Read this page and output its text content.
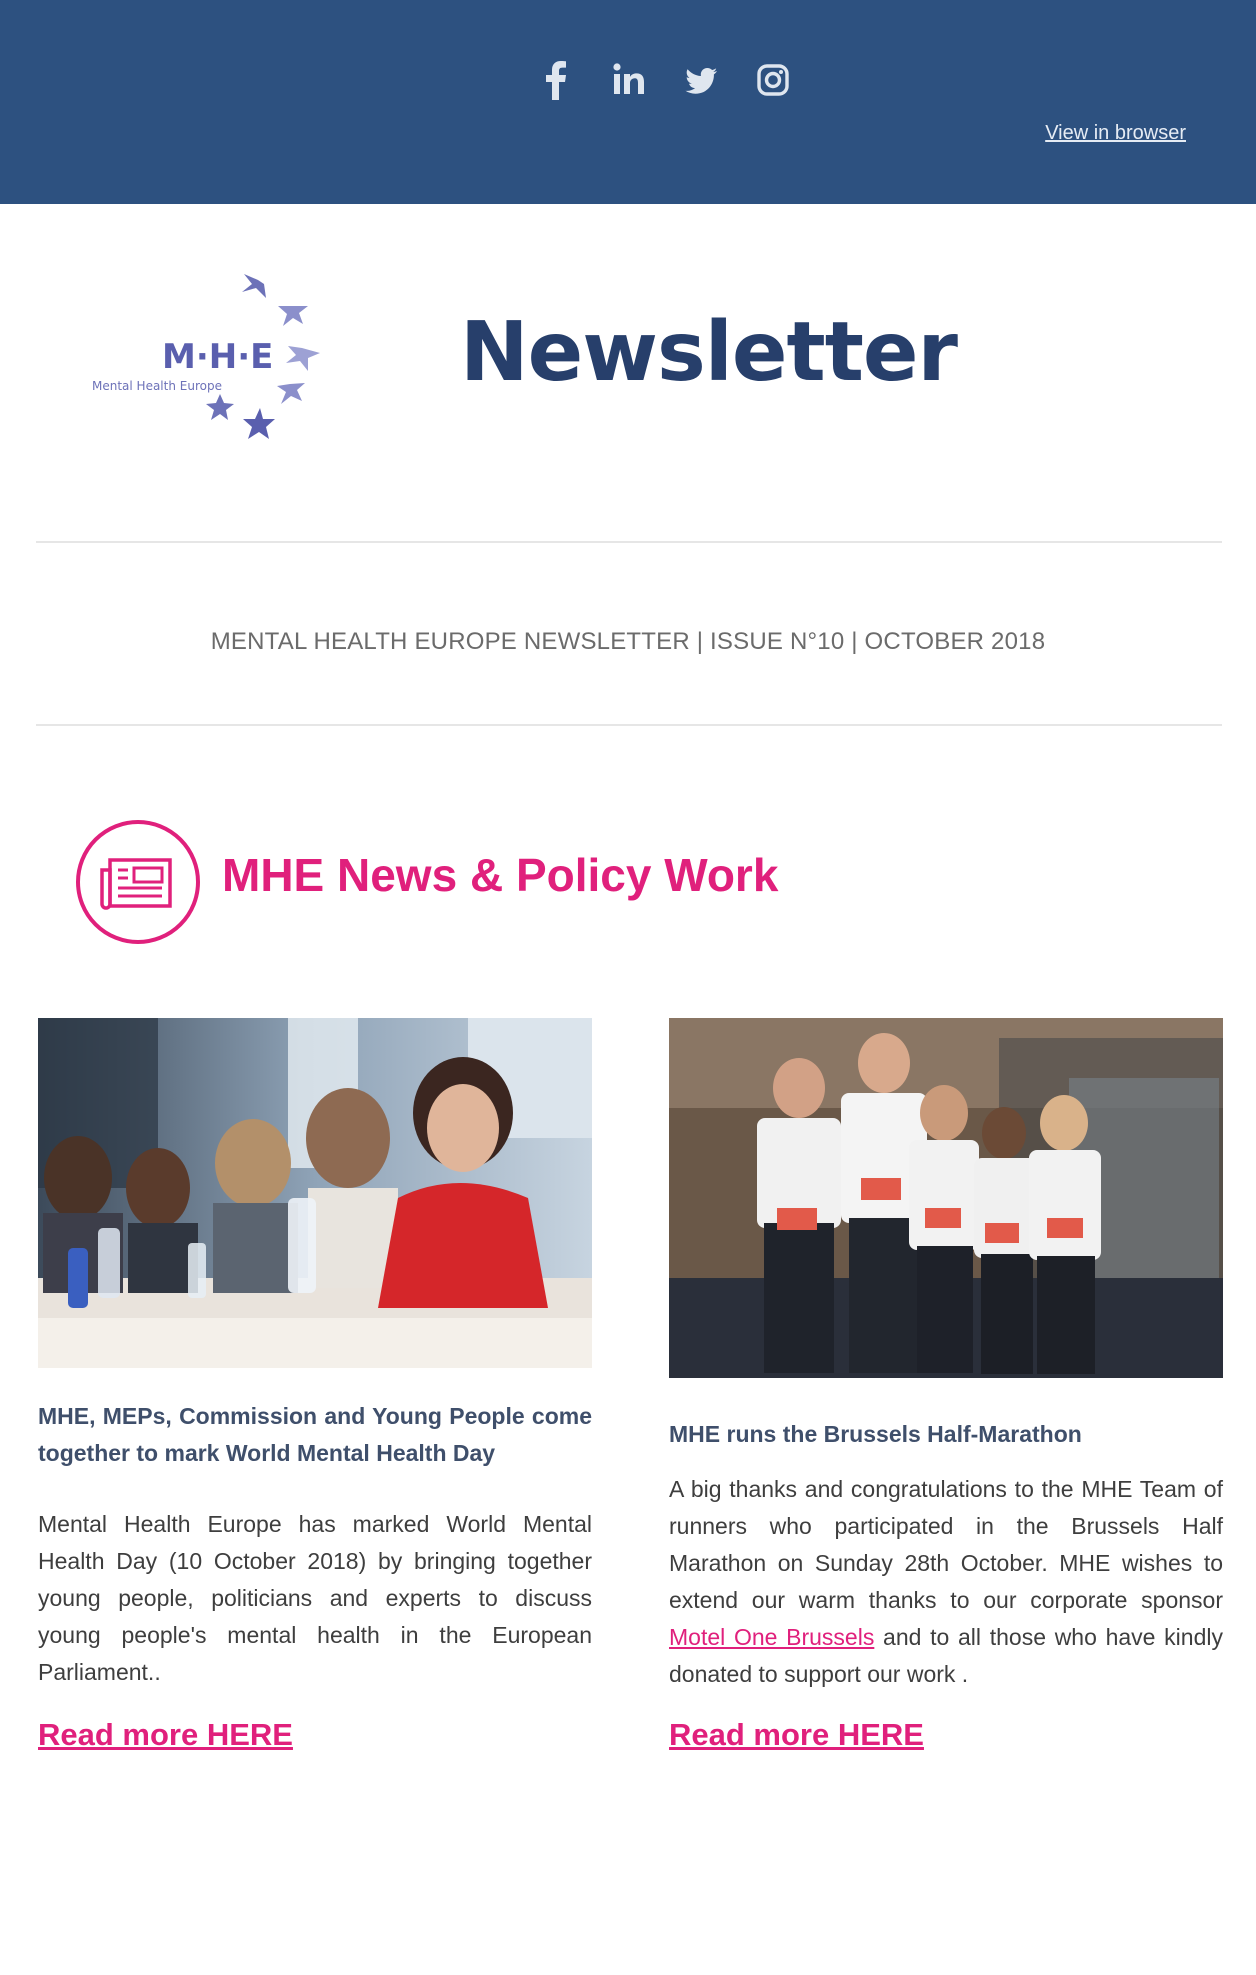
View in browser
M·H·E
Mental Health Europe	Newsletter
MENTAL HEALTH EUROPE NEWSLETTER | ISSUE N°10 | OCTOBER 2018
MHE News & Policy Work
MHE, MEPs, Commission and Young People come together to mark World Mental Health Day
Mental Health Europe has marked World Mental Health Day (10 October 2018) by bringing together young people, politicians and experts to discuss young people's mental health in the European Parliament..
Read more HERE
MHE runs the Brussels Half-Marathon
A big thanks and congratulations to the MHE Team of runners who participated in the Brussels Half Marathon on Sunday 28th October. MHE wishes to extend our warm thanks to our corporate sponsor Motel One Brussels and to all those who have kindly donated to support our work .
Read more HERE
